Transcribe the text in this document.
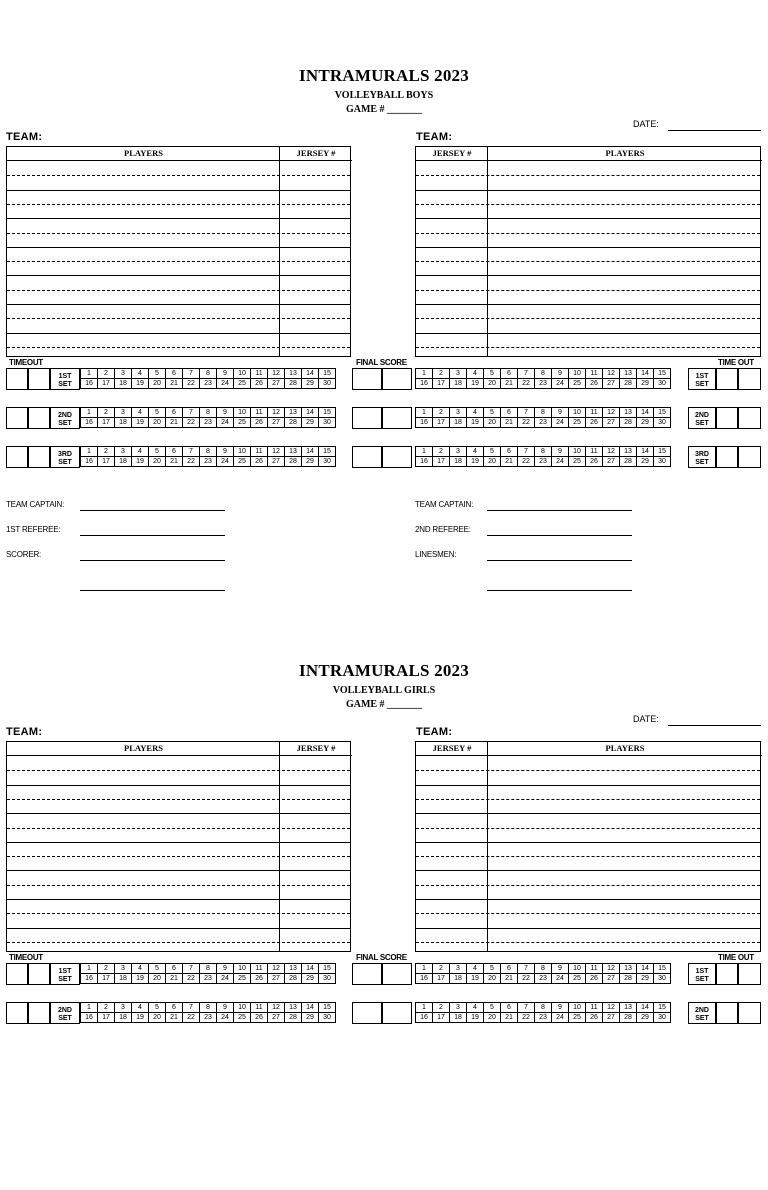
INTRAMURALS 2023
VOLLEYBALL BOYS
GAME # _______
DATE:
TEAM:	TEAM:
PLAYERS	JERSEY #	JERSEY #	PLAYERS
TIMEOUT	FINAL SCORE	TIME OUT
1ST
SET
1	2	3	4	5	6	7	8	9	10	11	12	13	14	15
16	17	18	19	20	21	22	23	24	25	26	27	28	29	30
1	2	3	4	5	6	7	8	9	10	11	12	13	14	15
16	17	18	19	20	21	22	23	24	25	26	27	28	29	30
1ST
SET
2ND
SET
1	2	3	4	5	6	7	8	9	10	11	12	13	14	15
16	17	18	19	20	21	22	23	24	25	26	27	28	29	30
1	2	3	4	5	6	7	8	9	10	11	12	13	14	15
16	17	18	19	20	21	22	23	24	25	26	27	28	29	30
2ND
SET
3RD
SET
1	2	3	4	5	6	7	8	9	10	11	12	13	14	15
16	17	18	19	20	21	22	23	24	25	26	27	28	29	30
1	2	3	4	5	6	7	8	9	10	11	12	13	14	15
16	17	18	19	20	21	22	23	24	25	26	27	28	29	30
3RD
SET
TEAM CAPTAIN:
1ST REFEREE:
SCORER:
TEAM CAPTAIN:
2ND REFEREE:
LINESMEN:
INTRAMURALS 2023
VOLLEYBALL GIRLS
GAME # _______
DATE:
TEAM:	TEAM:
PLAYERS	JERSEY #	JERSEY #	PLAYERS
TIMEOUT	FINAL SCORE	TIME OUT
1ST
SET
1	2	3	4	5	6	7	8	9	10	11	12	13	14	15
16	17	18	19	20	21	22	23	24	25	26	27	28	29	30
1	2	3	4	5	6	7	8	9	10	11	12	13	14	15
16	17	18	19	20	21	22	23	24	25	26	27	28	29	30
1ST
SET
2ND
SET
1	2	3	4	5	6	7	8	9	10	11	12	13	14	15
16	17	18	19	20	21	22	23	24	25	26	27	28	29	30
1	2	3	4	5	6	7	8	9	10	11	12	13	14	15
16	17	18	19	20	21	22	23	24	25	26	27	28	29	30
2ND
SET
